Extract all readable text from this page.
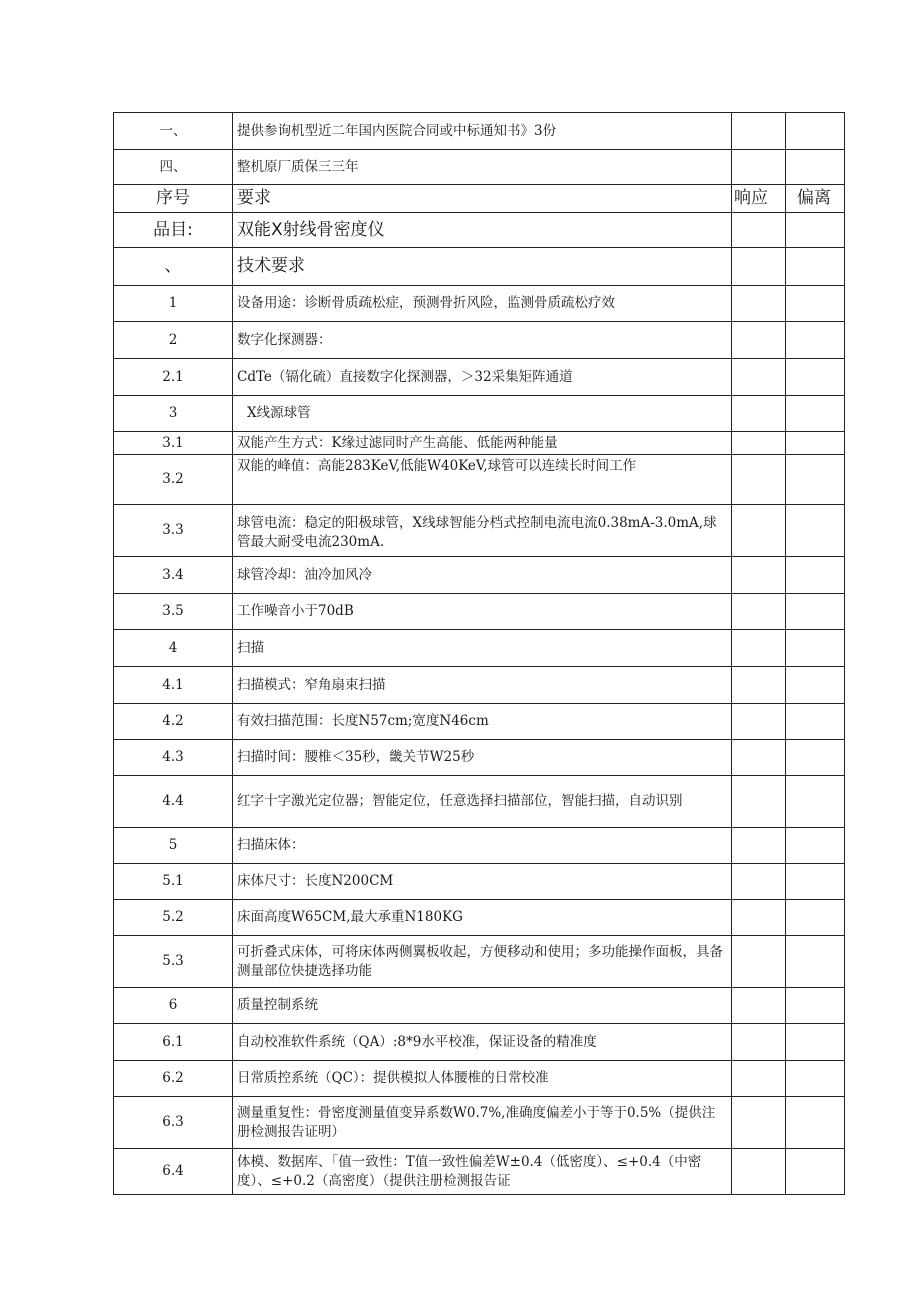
一、	提供参询机型近二年国内医院合同或中标通知书》3份		
四、	整机原厂质保三三年		
序号	要求	响应	偏离
品目:	双能X射线骨密度仪		
、	技术要求		
1	设备用途：诊断骨质疏松症，预测骨折风险，监测骨质疏松疗效		
2	数字化探测器：		
2.1	CdTe（镉化硫）直接数字化探测器，＞32采集矩阵通道		
3	X线源球管		
3.1	双能产生方式：K缘过滤同时产生高能、低能两种能量		
3.2	双能的峰值：高能283KeV,低能W40KeV,球管可以连续长时间工作		
3.3	球管电流：稳定的阳极球管，X线球智能分档式控制电流电流0.38mA-3.0mA,球管最大耐受电流230mA.		
3.4	球管冷却：油冷加风冷		
3.5	工作噪音小于70dB		
4	扫描		
4.1	扫描模式：窄角扇束扫描		
4.2	有效扫描范围：长度N57cm;宽度N46cm		
4.3	扫描时间：腰椎＜35秒，畿关节W25秒		
4.4	红字十字激光定位器；智能定位，任意选择扫描部位，智能扫描，自动识别		
5	扫描床体：		
5.1	床体尺寸：长度N200CM		
5.2	床面高度W65CM,最大承重N180KG		
5.3	可折叠式床体，可将床体两侧翼板收起，方便移动和使用；多功能操作面板，具备测量部位快捷选择功能		
6	质量控制系统		
6.1	自动校准软件系统（QA）:8*9水平校准，保证设备的精准度		
6.2	日常质控系统（QC）：提供模拟人体腰椎的日常校准		
6.3	测量重复性：骨密度测量值变异系数W0.7%,准确度偏差小于等于0.5%（提供注册检测报告证明）		
6.4	体模、数据库、「值一致性：T值一致性偏差W±0.4（低密度）、≤+0.4（中密度）、≤+0.2（高密度）（提供注册检测报告证		
